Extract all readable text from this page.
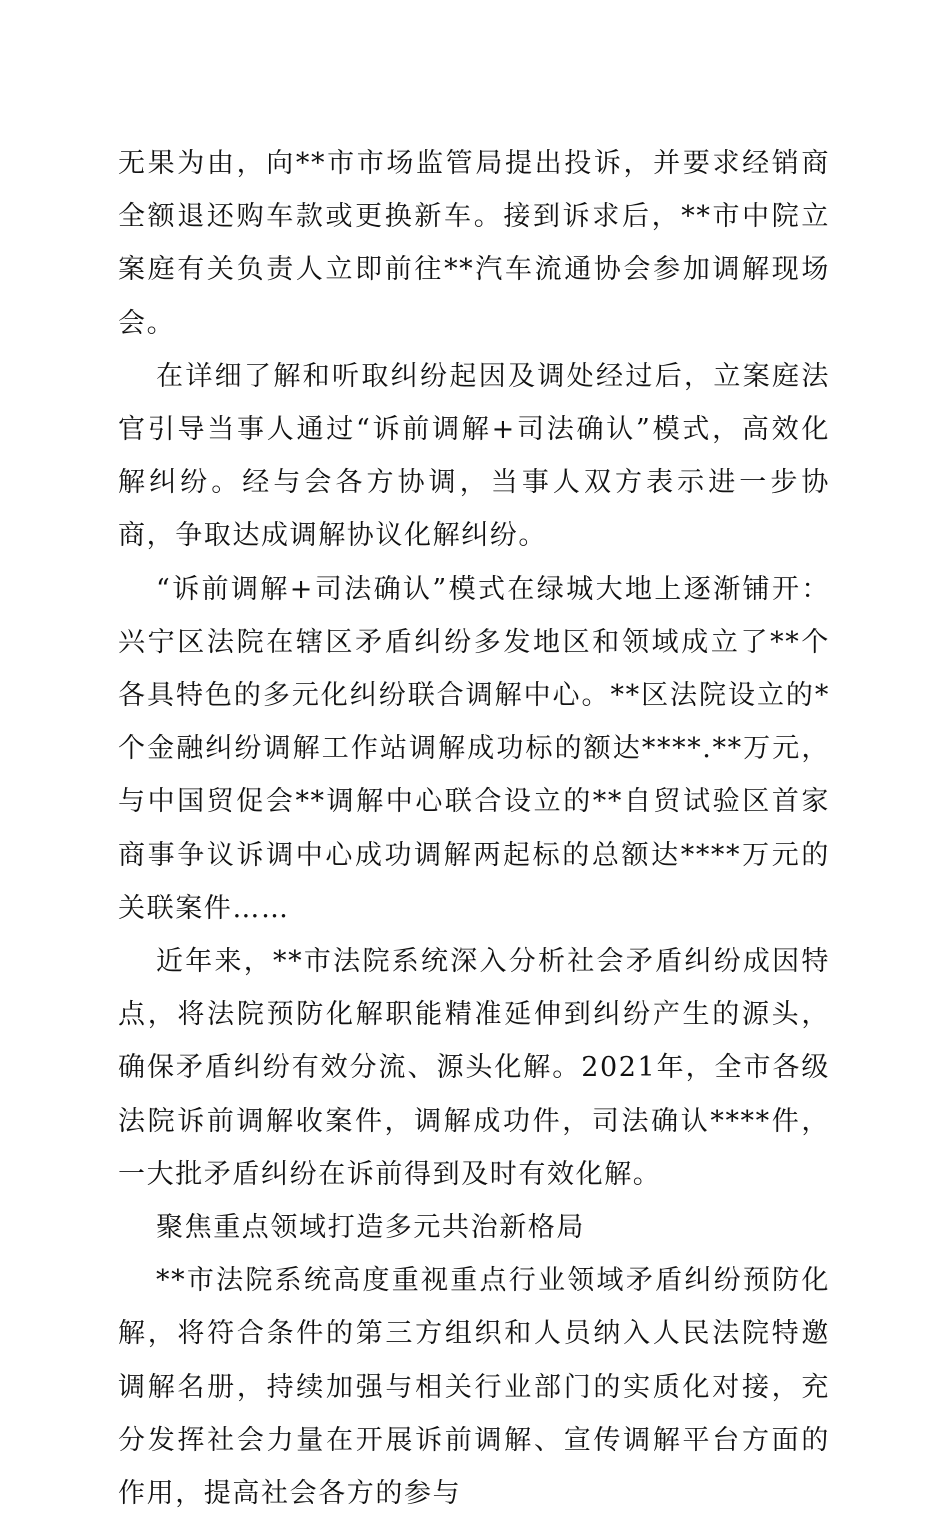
无果为由，向**市市场监管局提出投诉，并要求经销商全额退还购车款或更换新车。接到诉求后，**市中院立案庭有关负责人立即前往**汽车流通协会参加调解现场会。

在详细了解和听取纠纷起因及调处经过后，立案庭法官引导当事人通过“诉前调解+司法确认”模式，高效化解纠纷。经与会各方协调，当事人双方表示进一步协商，争取达成调解协议化解纠纷。

“诉前调解+司法确认”模式在绿城大地上逐渐铺开：兴宁区法院在辖区矛盾纠纷多发地区和领域成立了**个各具特色的多元化纠纷联合调解中心。**区法院设立的*个金融纠纷调解工作站调解成功标的额达****.**万元，与中国贸促会**调解中心联合设立的**自贸试验区首家商事争议诉调中心成功调解两起标的总额达****万元的关联案件……

近年来，**市法院系统深入分析社会矛盾纠纷成因特点，将法院预防化解职能精准延伸到纠纷产生的源头，确保矛盾纠纷有效分流、源头化解。2021年，全市各级法院诉前调解收案件，调解成功件，司法确认****件，一大批矛盾纠纷在诉前得到及时有效化解。

聚焦重点领域打造多元共治新格局

**市法院系统高度重视重点行业领域矛盾纠纷预防化解，将符合条件的第三方组织和人员纳入人民法院特邀调解名册，持续加强与相关行业部门的实质化对接，充分发挥社会力量在开展诉前调解、宣传调解平台方面的作用，提高社会各方的参与
